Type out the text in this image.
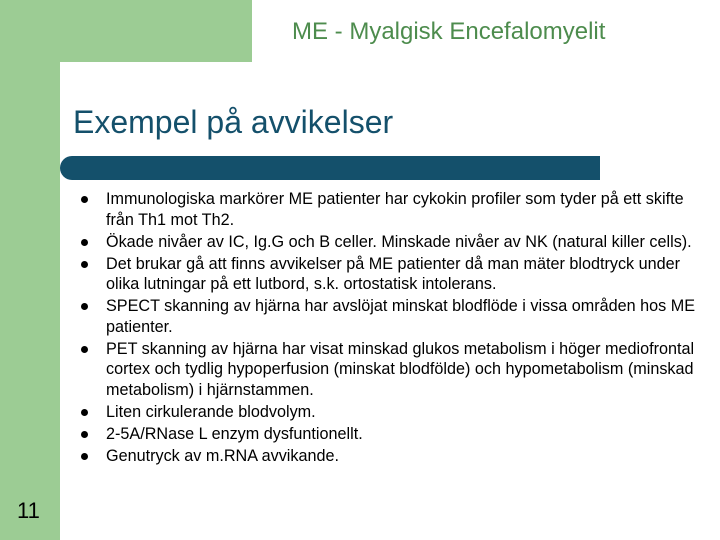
ME - Myalgisk Encefalomyelit
Exempel på avvikelser
Immunologiska markörer ME patienter har cykokin profiler som tyder på ett skifte från Th1 mot Th2.
Ökade nivåer av IC, Ig.G och B celler. Minskade nivåer av NK (natural killer cells).
Det brukar gå att finns avvikelser på ME patienter då man mäter blodtryck under olika lutningar på ett lutbord, s.k. ortostatisk intolerans.
SPECT skanning av hjärna har avslöjat minskat blodflöde i vissa områden hos ME patienter.
PET skanning av hjärna har visat minskad glukos metabolism i höger mediofrontal cortex och tydlig hypoperfusion (minskat blodfölde) och hypometabolism (minskad metabolism) i hjärnstammen.
Liten cirkulerande blodvolym.
2-5A/RNase L enzym dysfuntionellt.
Genutryck av m.RNA avvikande.
11
